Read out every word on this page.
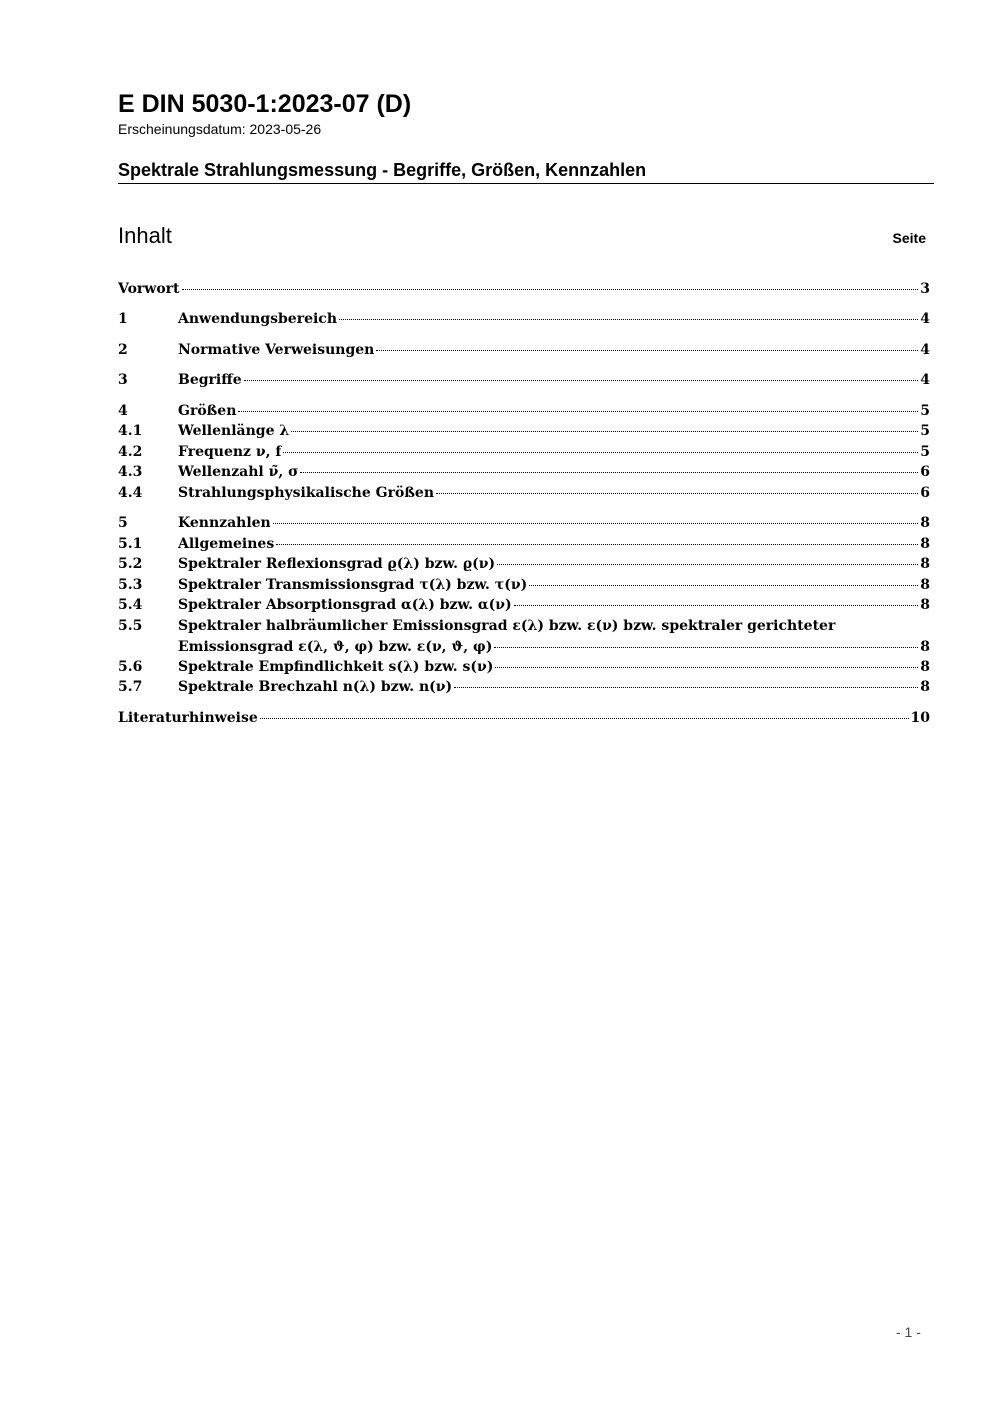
E DIN 5030-1:2023-07 (D)

Erscheinungsdatum: 2023-05-26

Spektrale Strahlungsmessung - Begriffe, Größen, Kennzahlen
Inhalt	Seite
Vorwort	3
1	Anwendungsbereich	4
2	Normative Verweisungen	4
3	Begriffe	4
4	Größen	5
4.1	Wellenlänge λ	5
4.2	Frequenz ν, f	5
4.3	Wellenzahl ν̃, σ	6
4.4	Strahlungsphysikalische Größen	6
5	Kennzahlen	8
5.1	Allgemeines	8
5.2	Spektraler Reflexionsgrad ϱ(λ) bzw. ϱ(ν)	8
5.3	Spektraler Transmissionsgrad τ(λ) bzw. τ(ν)	8
5.4	Spektraler Absorptionsgrad α(λ) bzw. α(ν)	8
5.5	Spektraler halbräumlicher Emissionsgrad ε(λ) bzw. ε(ν) bzw. spektraler gerichteter
Emissionsgrad ε(λ, ϑ, φ) bzw. ε(ν, ϑ, φ)	8
5.6	Spektrale Empfindlichkeit s(λ) bzw. s(ν)	8
5.7	Spektrale Brechzahl n(λ) bzw. n(ν)	8
Literaturhinweise	10
- 1 -
